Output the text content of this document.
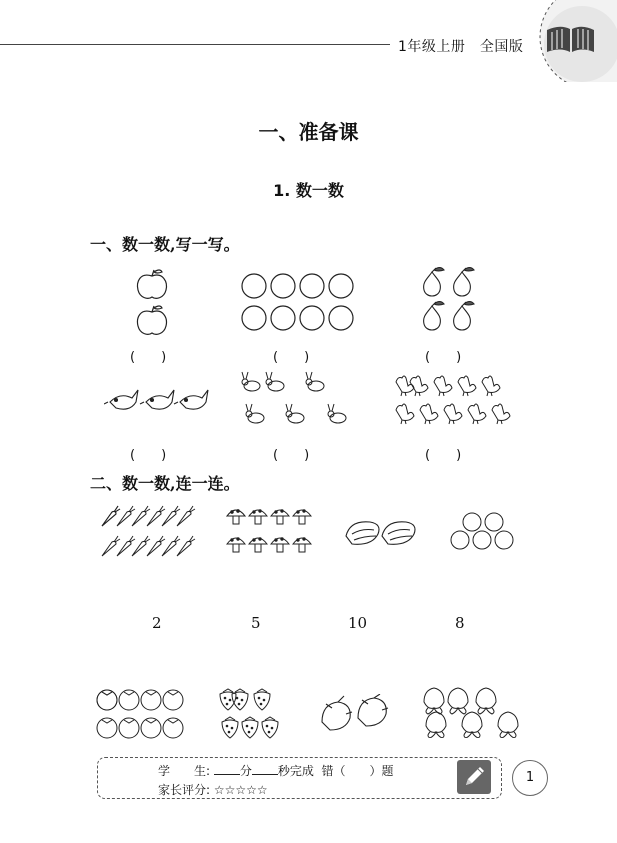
1年级上册　全国版
一、准备课
1. 数一数
一、数一数,写一写。
(　　)	(　　)	(　　)
(　　)	(　　)	(　　)
二、数一数,连一连。
2	5	10	8
学　　生: 分 秒完成 错（　　）题
家长评分: ☆☆☆☆☆
1
